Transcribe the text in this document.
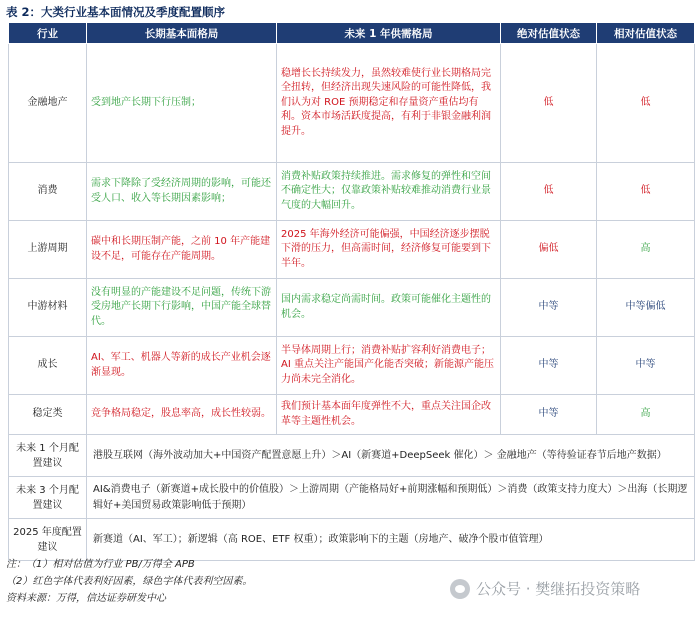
表 2：大类行业基本面情况及季度配置顺序
行业	长期基本面格局	未来 1 年供需格局	绝对估值状态	相对估值状态
金融地产	受到地产长期下行压制；	稳增长长持续发力，虽然较难使行业长期格局完全扭转，但经济出现失速风险的可能性降低，我们认为对 ROE 预期稳定和存量资产重估均有利。资本市场活跃度提高，有利于非银金融利润提升。	低	低
消费	需求下降除了受经济周期的影响，可能还受人口、收入等长期因素影响；	消费补贴政策持续推进。需求修复的弹性和空间不确定性大；仅靠政策补贴较难推动消费行业景气度的大幅回升。	低	低
上游周期	碳中和长期压制产能，之前 10 年产能建设不足，可能存在产能周期。	2025 年海外经济可能偏强，中国经济逐步摆脱下滑的压力，但高需时间，经济修复可能要到下半年。	偏低	高
中游材料	没有明显的产能建设不足问题，传统下游受房地产长期下行影响，中国产能全球替代。	国内需求稳定尚需时间。政策可能催化主题性的机会。	中等	中等偏低
成长	AI、军工、机器人等新的成长产业机会逐渐显现。	半导体周期上行；消费补贴扩容利好消费电子；AI 重点关注产能国产化能否突破；新能源产能压力尚未完全消化。	中等	中等
稳定类	竞争格局稳定，股息率高，成长性较弱。	我们预计基本面年度弹性不大，重点关注国企改革等主题性机会。	中等	高
未来 1 个月配置建议	港股互联网（海外波动加大+中国资产配置意愿上升）＞AI（新赛道+DeepSeek 催化）＞ 金融地产（等待验证春节后地产数据）			
未来 3 个月配置建议	AI&消费电子（新赛道+成长股中的价值股）＞上游周期（产能格局好+前期涨幅和预期低）＞消费（政策支持力度大）＞出海（长期逻辑好+美国贸易政策影响低于预期）			
2025 年度配置建议	新赛道（AI、军工）；新逻辑（高 ROE、ETF 权重）；政策影响下的主题（房地产、破净个股市值管理）			
注：（1）相对估值为行业 PB/万得全 APB
（2）红色字体代表利好因素，绿色字体代表利空因素。
资料来源：万得，信达证券研发中心
公众号 · 樊继拓投资策略
